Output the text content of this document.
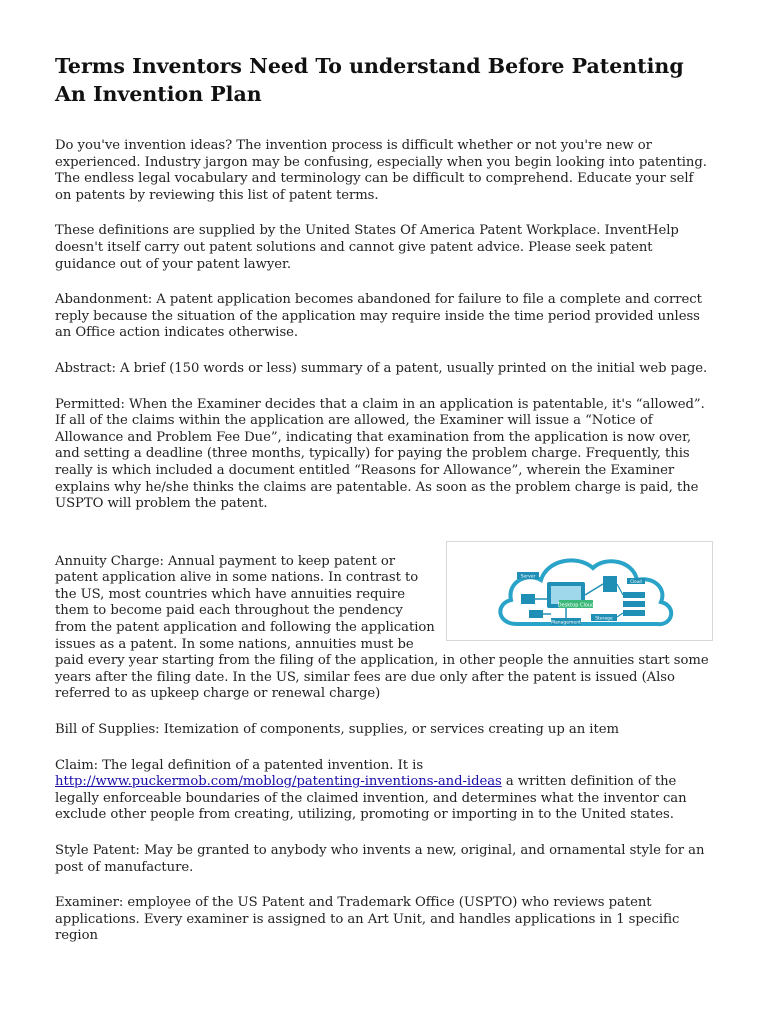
Terms Inventors Need To understand Before Patenting An Invention Plan

Do you've invention ideas? The invention process is difficult whether or not you're new or experienced. Industry jargon may be confusing, especially when you begin looking into patenting. The endless legal vocabulary and terminology can be difficult to comprehend. Educate your self on patents by reviewing this list of patent terms.

These definitions are supplied by the United States Of America Patent Workplace. InventHelp doesn't itself carry out patent solutions and cannot give patent advice. Please seek patent guidance out of your patent lawyer.

Abandonment: A patent application becomes abandoned for failure to file a complete and correct reply because the situation of the application may require inside the time period provided unless an Office action indicates otherwise.

Abstract: A brief (150 words or less) summary of a patent, usually printed on the initial web page.

Permitted: When the Examiner decides that a claim in an application is patentable, it's “allowed”. If all of the claims within the application are allowed, the Examiner will issue a “Notice of Allowance and Problem Fee Due”, indicating that examination from the application is now over, and setting a deadline (three months, typically) for paying the problem charge. Frequently, this really is which included a document entitled “Reasons for Allowance”, wherein the Examiner explains why he/she thinks the claims are patentable. As soon as the problem charge is paid, the USPTO will problem the patent.

Desktop Cloud
Management
Storage
Server
Cloud

Annuity Charge: Annual payment to keep patent or patent application alive in some nations. In contrast to the US, most countries which have annuities require them to become paid each throughout the pendency from the patent application and following the application issues as a patent. In some nations, annuities must be paid every year starting from the filing of the application, in other people the annuities start some years after the filing date. In the US, similar fees are due only after the patent is issued (Also referred to as upkeep charge or renewal charge)

Bill of Supplies: Itemization of components, supplies, or services creating up an item

Claim: The legal definition of a patented invention. It is
http://www.puckermob.com/moblog/patenting-inventions-and-ideas a written definition of the legally enforceable boundaries of the claimed invention, and determines what the inventor can exclude other people from creating, utilizing, promoting or importing in to the United states.

Style Patent: May be granted to anybody who invents a new, original, and ornamental style for an post of manufacture.

Examiner: employee of the US Patent and Trademark Office (USPTO) who reviews patent applications. Every examiner is assigned to an Art Unit, and handles applications in 1 specific region
